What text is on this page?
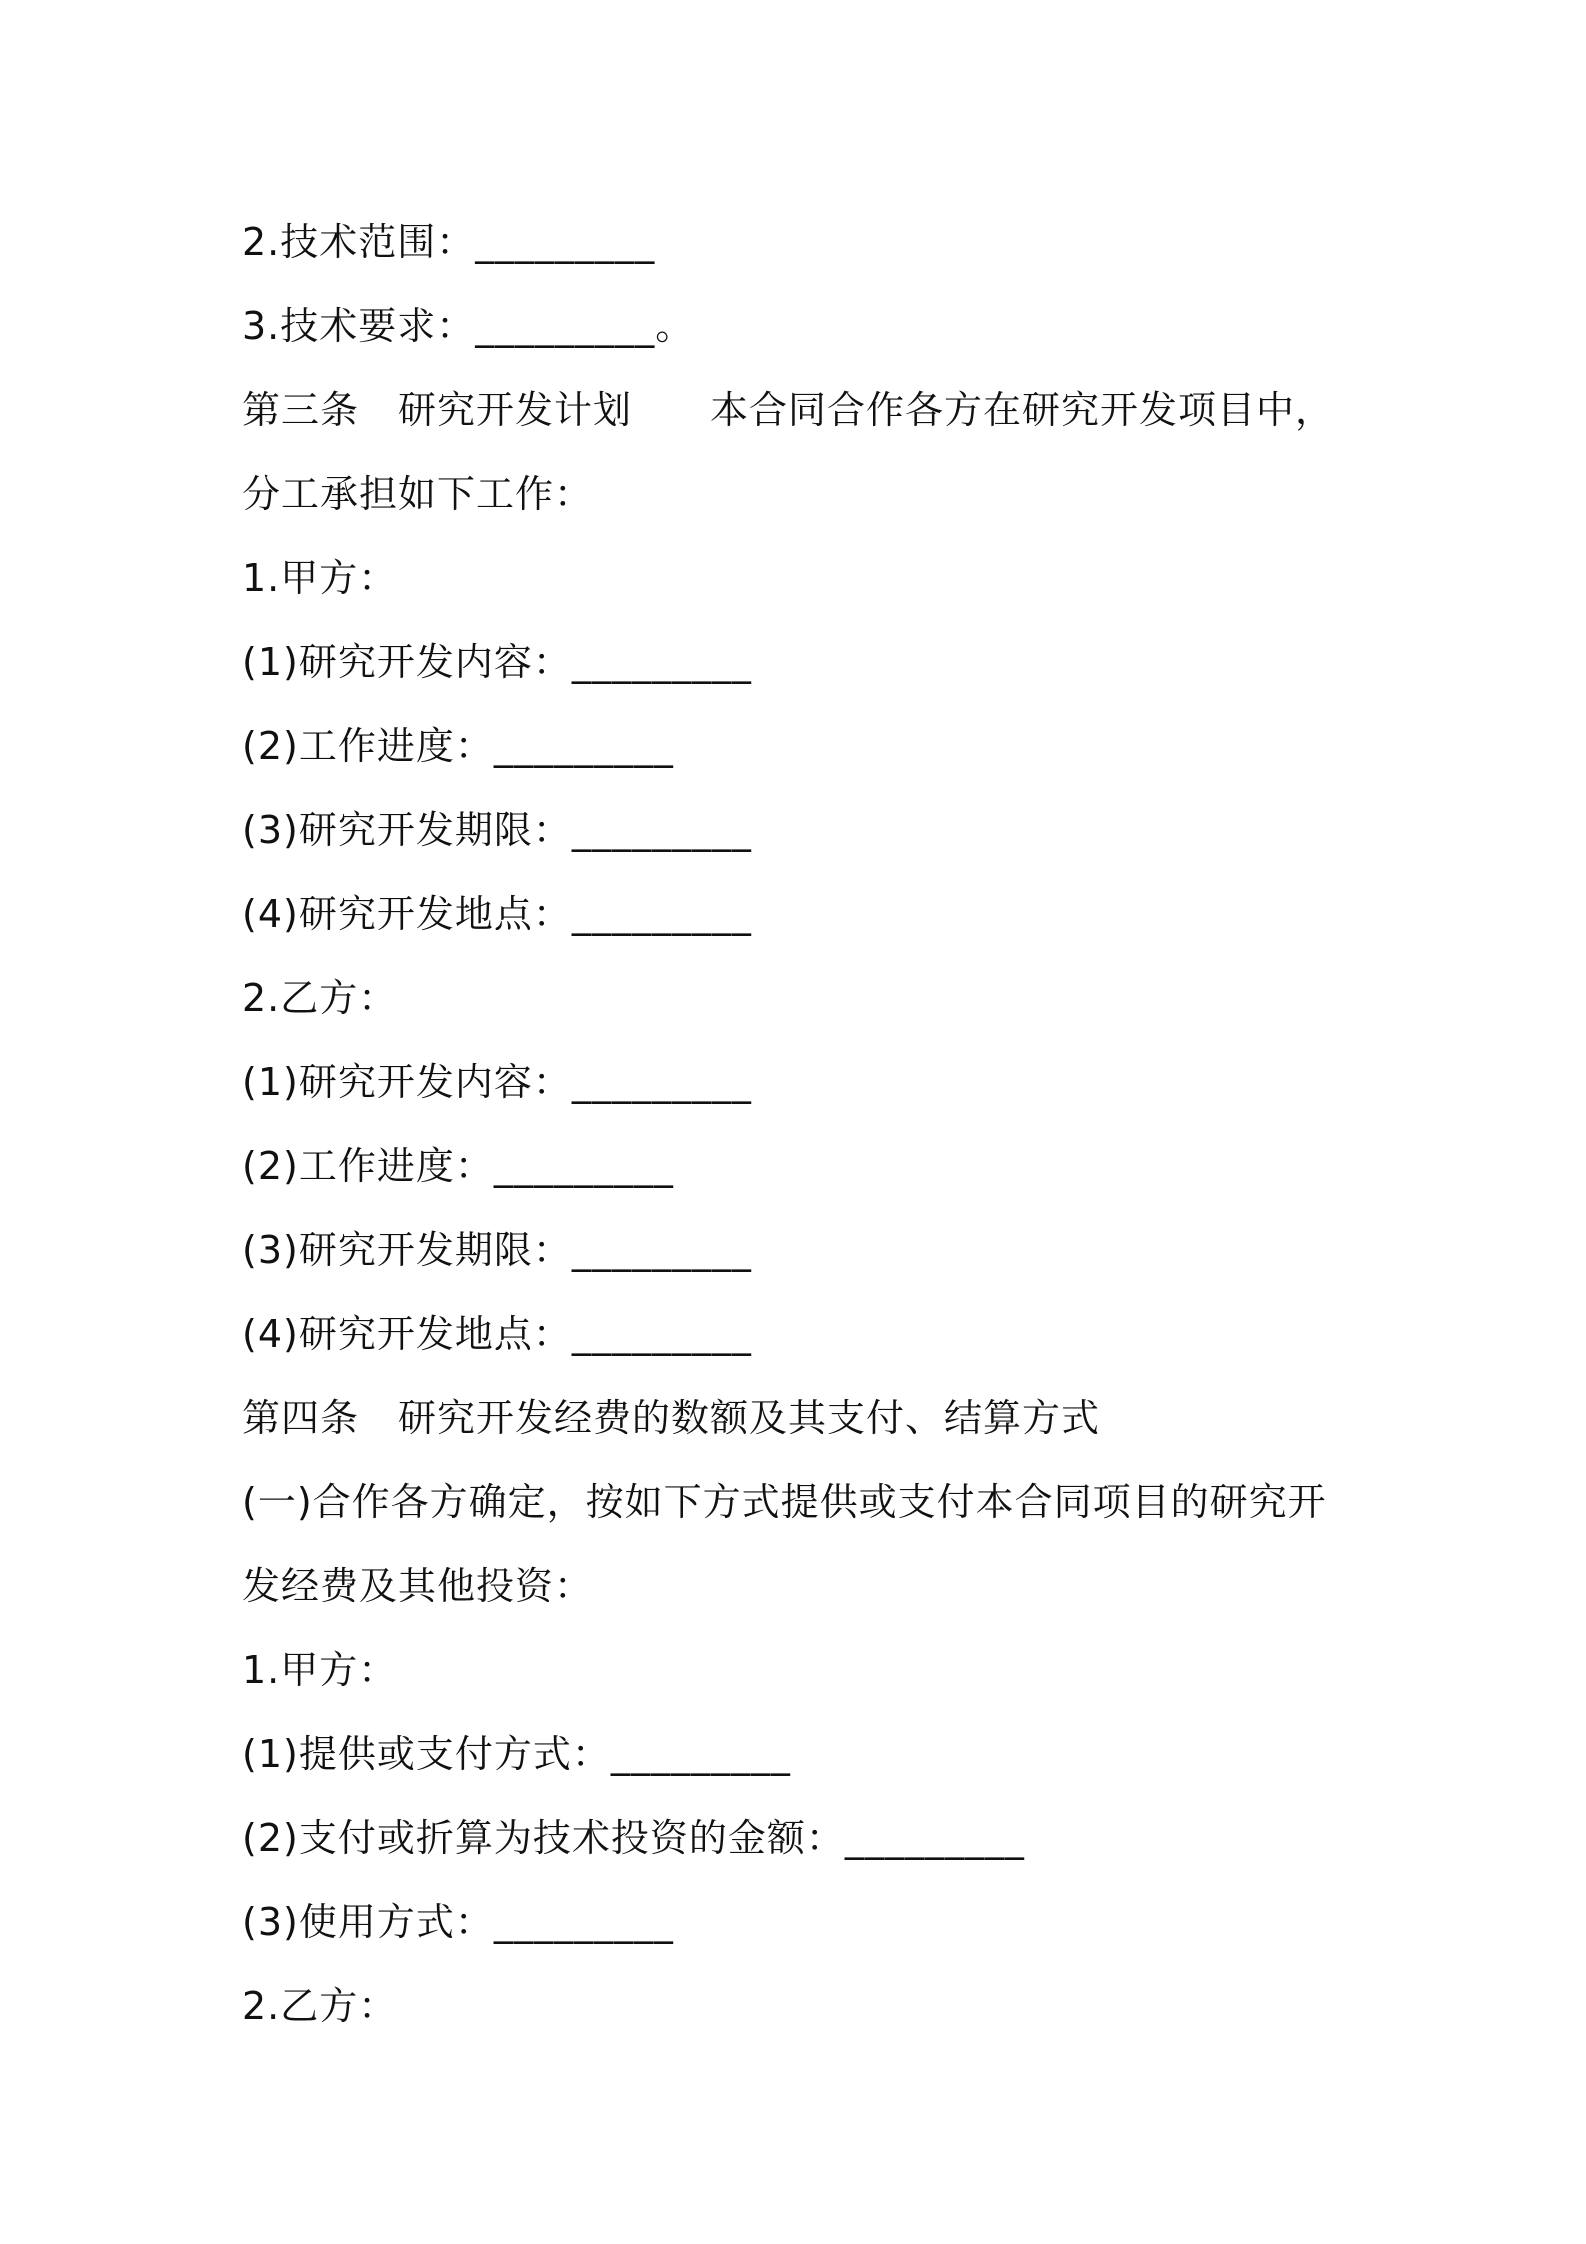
2.技术范围：_________
3.技术要求：_________。
第三条　研究开发计划　　本合同合作各方在研究开发项目中，
分工承担如下工作：
1.甲方：
(1)研究开发内容：_________
(2)工作进度：_________
(3)研究开发期限：_________
(4)研究开发地点：_________
2.乙方：
(1)研究开发内容：_________
(2)工作进度：_________
(3)研究开发期限：_________
(4)研究开发地点：_________
第四条　研究开发经费的数额及其支付、结算方式
(一)合作各方确定，按如下方式提供或支付本合同项目的研究开
发经费及其他投资：
1.甲方：
(1)提供或支付方式：_________
(2)支付或折算为技术投资的金额：_________
(3)使用方式：_________
2.乙方：
